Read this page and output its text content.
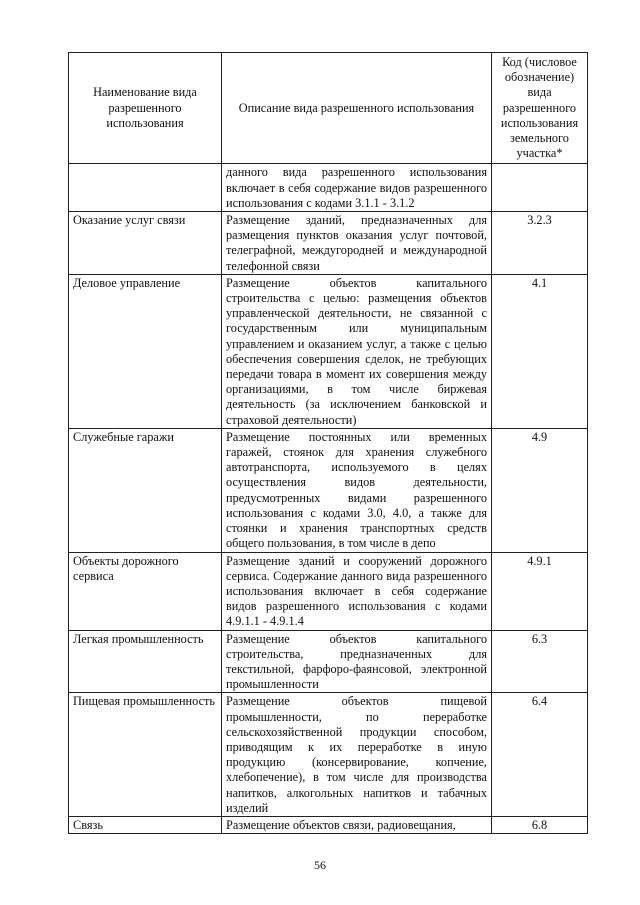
Наименование вида разрешенного использования	Описание вида разрешенного использования	Код (числовое обозначение) вида разрешенного использования земельного участка*
	данного вида разрешенного использования включает в себя содержание видов разрешенного использования с кодами 3.1.1 - 3.1.2	
Оказание услуг связи	Размещение зданий, предназначенных для размещения пунктов оказания услуг почтовой, телеграфной, междугородней и международной телефонной связи	3.2.3
Деловое управление	Размещение объектов капитального строительства с целью: размещения объектов управленческой деятельности, не связанной с государственным или муниципальным управлением и оказанием услуг, а также с целью обеспечения совершения сделок, не требующих передачи товара в момент их совершения между организациями, в том числе биржевая деятельность (за исключением банковской и страховой деятельности)	4.1
Служебные гаражи	Размещение постоянных или временных гаражей, стоянок для хранения служебного автотранспорта, используемого в целях осуществления видов деятельности, предусмотренных видами разрешенного использования с кодами 3.0, 4.0, а также для стоянки и хранения транспортных средств общего пользования, в том числе в депо	4.9
Объекты дорожного сервиса	Размещение зданий и сооружений дорожного сервиса. Содержание данного вида разрешенного использования включает в себя содержание видов разрешенного использования с кодами 4.9.1.1 - 4.9.1.4	4.9.1
Легкая промышленность	Размещение объектов капитального строительства, предназначенных для текстильной, фарфоро-фаянсовой, электронной промышленности	6.3
Пищевая промышленность	Размещение объектов пищевой промышленности, по переработке сельскохозяйственной продукции способом, приводящим к их переработке в иную продукцию (консервирование, копчение, хлебопечение), в том числе для производства напитков, алкогольных напитков и табачных изделий	6.4
Связь	Размещение объектов связи, радиовещания,	6.8
56
